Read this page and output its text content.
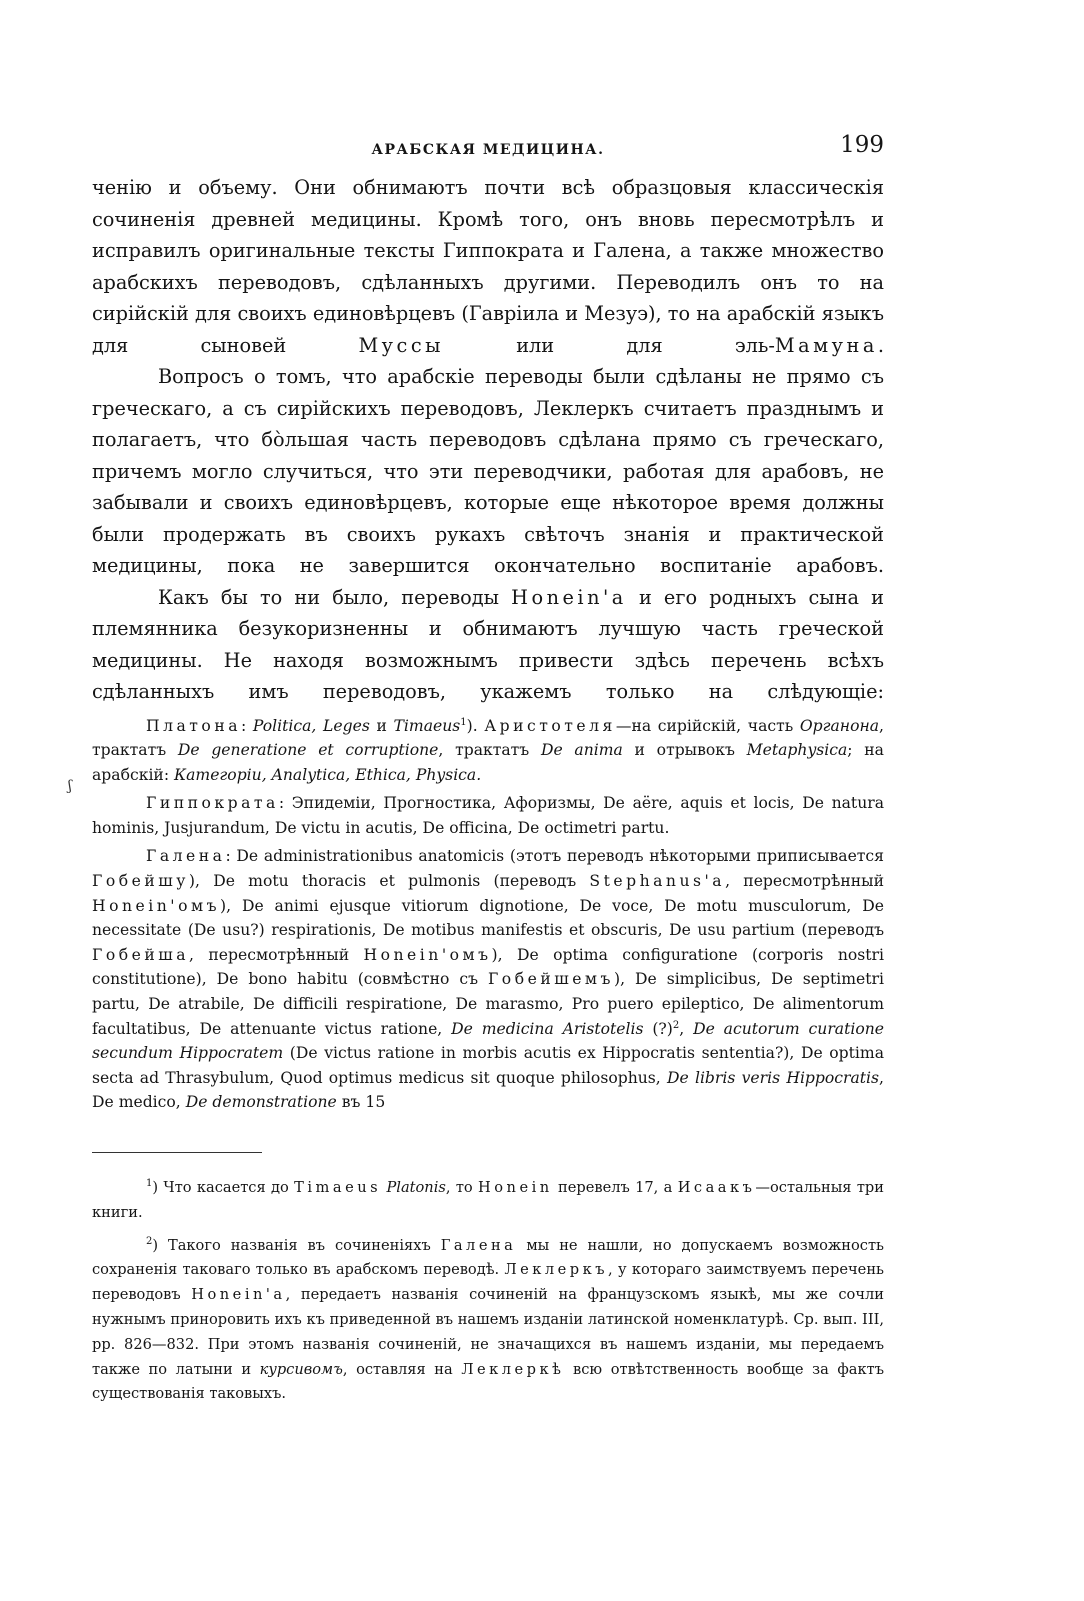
АРАБСКАЯ МЕДИЦИНА.	199

ченію и объему. Они обнимаютъ почти всѣ образцовыя классическія сочиненія древней медицины. Кромѣ того, онъ вновь пересмотрѣлъ и исправилъ оригинальные тексты Гиппократа и Галена, а также множество арабскихъ переводовъ, сдѣланныхъ другими. Переводилъ онъ то на сирійскій для своихъ единовѣрцевъ (Гавріила и Мезуэ), то на арабскій языкъ для сыновей	Муссы	или для эль-Мамуна.

Вопросъ о томъ, что арабскіе переводы были сдѣланы не прямо съ греческаго, а съ сирійскихъ переводовъ, Леклеркъ считаетъ празднымъ и полагаетъ, что бо̀льшая часть переводовъ сдѣлана прямо съ греческаго, причемъ могло случиться, что эти переводчики, работая для арабовъ, не забывали и своихъ единовѣрцевъ, которые еще нѣкоторое время должны были продержать въ своихъ рукахъ свѣточъ знанія и практической медицины, пока не завершится окончательно воспитаніе арабовъ.

Какъ бы то ни было, переводы Honein'a и его родныхъ сына и племянника безукоризненны и обнимаютъ лучшую часть греческой медицины. Не находя возможнымъ привести здѣсь перечень всѣхъ сдѣланныхъ имъ переводовъ, укажемъ только на слѣдующіе:

Платона: Politica, Leges и Timaeus$^1$). Аристотеля—на сирійскій, часть Органона, трактатъ De generatione et corruptione, трактатъ De anima и отрывокъ Metaphysica; на арабскій: Категоріи, Analytica, Ethica, Physica.

Гиппократа: Эпидеміи, Прогностика, Афоризмы, De aëre, aquis et locis, De natura hominis, Jusjurandum, De victu in acutis, De officina, De octimetri partu.

Галена: De administrationibus anatomicis (этотъ переводъ нѣкоторыми приписывается Гобейшу), De motu thoracis et pulmonis (переводъ Stephanus'a, пересмотрѣнный Honein'омъ), De animi ejusque vitiorum dignotione, De voce, De motu musculorum, De necessitate (De usu?) respirationis, De motibus manifestis et obscuris, De usu partium (переводъ Гобейша, пересмотрѣнный Honein'омъ), De optima configuratione (corporis nostri constitutione), De bono habitu (совмѣстно съ Гобейшемъ), De simplicibus, De septimetri partu, De atrabile, De difficili respiratione, De marasmo, Pro puero epileptico, De alimentorum facultatibus, De attenuante victus ratione, De medicina Aristotelis (?)$^2$, De acutorum curatione secundum Hippocratem (De victus ratione in morbis acutis ex Hippocratis sententia?), De optima secta ad Thrasybulum, Quod optimus medicus sit quoque philosophus, De libris veris Hippocratis, De medico, De demonstratione въ 15

$^1$) Что касается до Timaeus Platonis, то Honein перевелъ 17, а Исаакъ—остальныя три книги.

$^2$) Такого названія въ сочиненіяхъ Галена мы не нашли, но допускаемъ возможность сохраненія таковаго только въ арабскомъ переводѣ. Леклеркъ, у котораго заимствуемъ перечень переводовъ Honein'a, передаетъ названія сочиненій на французскомъ языкѣ, мы же сочли нужнымъ приноровить ихъ къ приведенной въ нашемъ изданіи латинской номенклатурѣ. Ср. вып. III, pp. 826—832. При этомъ названія сочиненій, не значащихся въ нашемъ изданіи, мы передаемъ также по латыни и курсивомъ, оставляя на Леклеркѣ всю отвѣтственность вообще за фактъ существованія таковыхъ.

ʃ
